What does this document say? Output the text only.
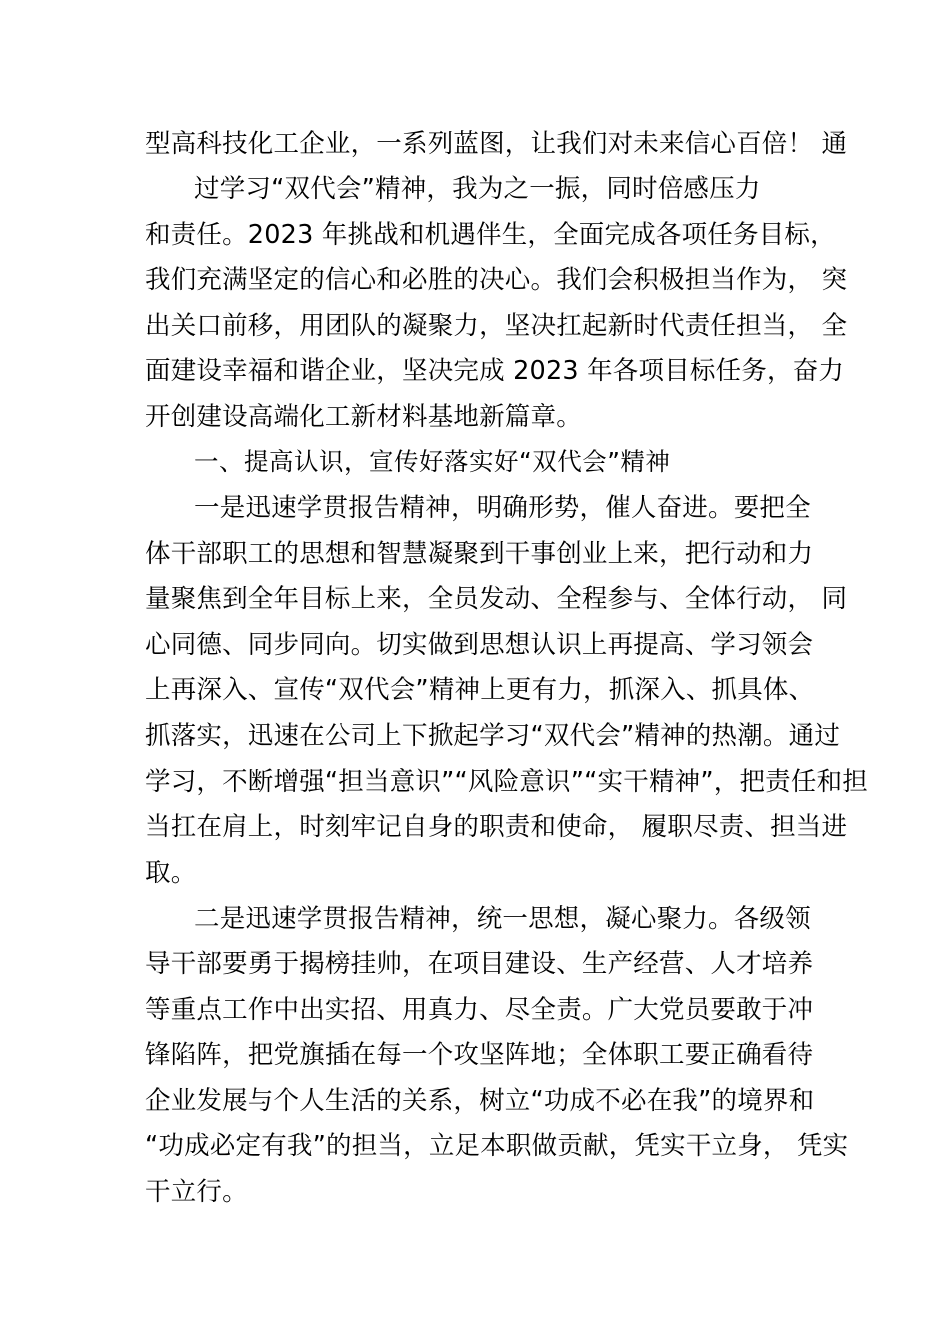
型高科技化工企业，一系列蓝图，让我们对未来信心百倍！ 通
过学习“双代会”精神，我为之一振，同时倍感压力
和责任。2023 年挑战和机遇伴生，全面完成各项任务目标，
我们充满坚定的信心和必胜的决心。我们会积极担当作为， 突
出关口前移，用团队的凝聚力，坚决扛起新时代责任担当， 全
面建设幸福和谐企业，坚决完成 2023 年各项目标任务，奋力
开创建设高端化工新材料基地新篇章。
一、提高认识，宣传好落实好“双代会”精神
一是迅速学贯报告精神，明确形势，催人奋进。要把全
体干部职工的思想和智慧凝聚到干事创业上来，把行动和力
量聚焦到全年目标上来，全员发动、全程参与、全体行动， 同
心同德、同步同向。切实做到思想认识上再提高、学习领会
上再深入、宣传“双代会”精神上更有力，抓深入、抓具体、
抓落实，迅速在公司上下掀起学习“双代会”精神的热潮。通过
学习，不断增强“担当意识”“风险意识”“实干精神”，把责任和担
当扛在肩上，时刻牢记自身的职责和使命， 履职尽责、担当进
取。
二是迅速学贯报告精神，统一思想，凝心聚力。各级领
导干部要勇于揭榜挂帅，在项目建设、生产经营、人才培养
等重点工作中出实招、用真力、尽全责。广大党员要敢于冲
锋陷阵，把党旗插在每一个攻坚阵地；全体职工要正确看待
企业发展与个人生活的关系，树立“功成不必在我”的境界和
“功成必定有我”的担当，立足本职做贡献，凭实干立身， 凭实
干立行。
